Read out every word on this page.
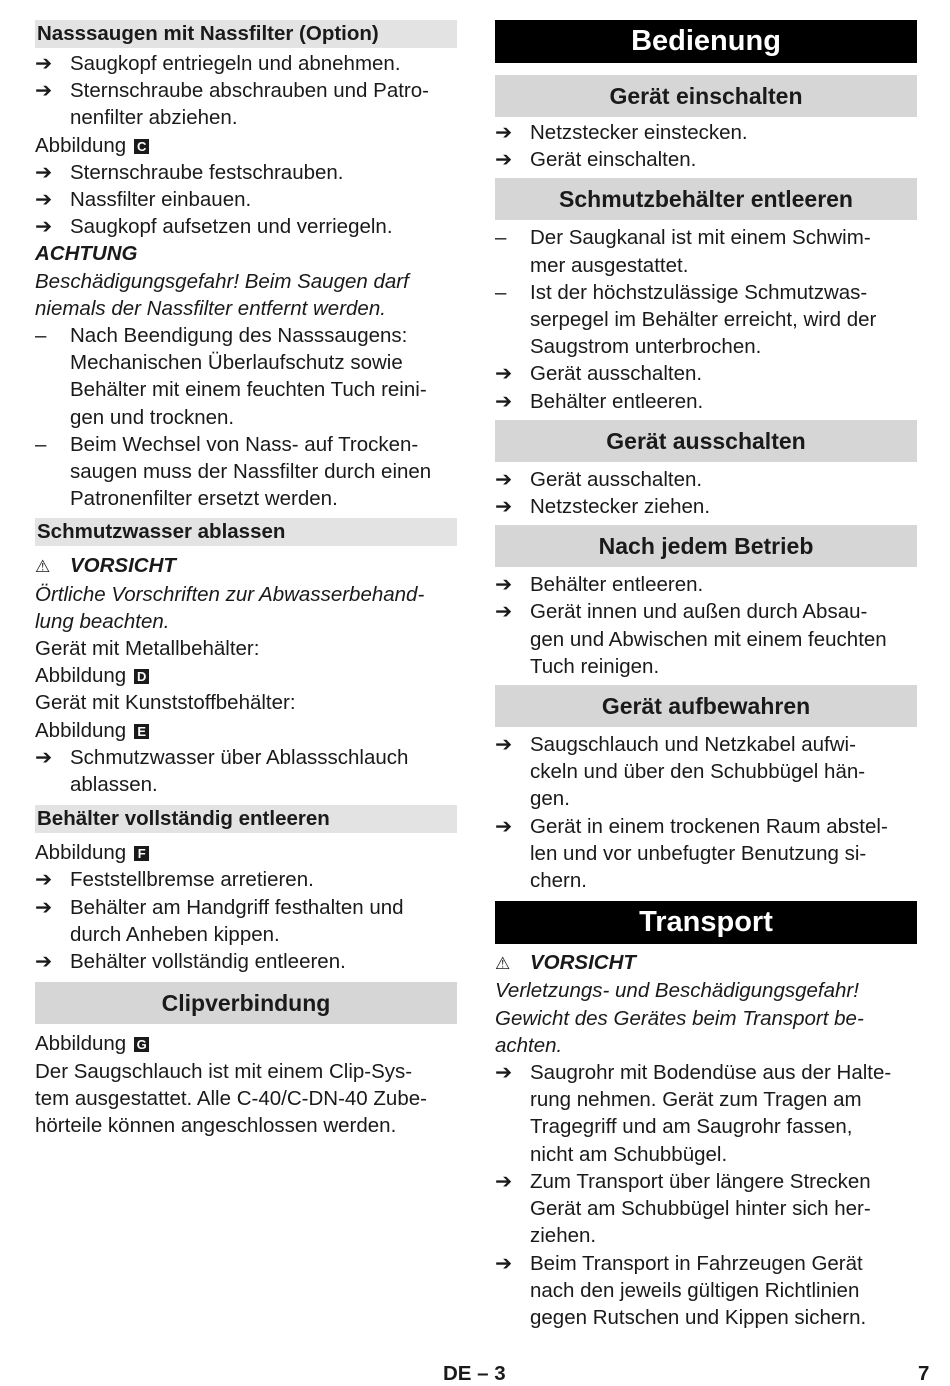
Nasssaugen mit Nassfilter (Option)
➔ Saugkopf entriegeln und abnehmen.
➔ Sternschraube abschrauben und Patro-
nenfilter abziehen.
Abbildung C
➔ Sternschraube festschrauben.
➔ Nassfilter einbauen.
➔ Saugkopf aufsetzen und verriegeln.
ACHTUNG
Beschädigungsgefahr! Beim Saugen darf
niemals der Nassfilter entfernt werden.
– Nach Beendigung des Nasssaugens:
Mechanischen Überlaufschutz sowie
Behälter mit einem feuchten Tuch reini-
gen und trocknen.
– Beim Wechsel von Nass- auf Trocken-
saugen muss der Nassfilter durch einen
Patronenfilter ersetzt werden.
Schmutzwasser ablassen
⚠ VORSICHT
Örtliche Vorschriften zur Abwasserbehand-
lung beachten.
Gerät mit Metallbehälter:
Abbildung D
Gerät mit Kunststoffbehälter:
Abbildung E
➔ Schmutzwasser über Ablassschlauch
ablassen.
Behälter vollständig entleeren
Abbildung F
➔ Feststellbremse arretieren.
➔ Behälter am Handgriff festhalten und
durch Anheben kippen.
➔ Behälter vollständig entleeren.
Clipverbindung
Abbildung G
Der Saugschlauch ist mit einem Clip-Sys-
tem ausgestattet. Alle C-40/C-DN-40 Zube-
hörteile können angeschlossen werden.
Bedienung
Gerät einschalten
➔ Netzstecker einstecken.
➔ Gerät einschalten.
Schmutzbehälter entleeren
– Der Saugkanal ist mit einem Schwim-
mer ausgestattet.
– Ist der höchstzulässige Schmutzwas-
serpegel im Behälter erreicht, wird der
Saugstrom unterbrochen.
➔ Gerät ausschalten.
➔ Behälter entleeren.
Gerät ausschalten
➔ Gerät ausschalten.
➔ Netzstecker ziehen.
Nach jedem Betrieb
➔ Behälter entleeren.
➔ Gerät innen und außen durch Absau-
gen und Abwischen mit einem feuchten
Tuch reinigen.
Gerät aufbewahren
➔ Saugschlauch und Netzkabel aufwi-
ckeln und über den Schubbügel hän-
gen.
➔ Gerät in einem trockenen Raum abstel-
len und vor unbefugter Benutzung si-
chern.
Transport
⚠ VORSICHT
Verletzungs- und Beschädigungsgefahr!
Gewicht des Gerätes beim Transport be-
achten.
➔ Saugrohr mit Bodendüse aus der Halte-
rung nehmen. Gerät zum Tragen am
Tragegriff und am Saugrohr fassen,
nicht am Schubbügel.
➔ Zum Transport über längere Strecken
Gerät am Schubbügel hinter sich her-
ziehen.
➔ Beim Transport in Fahrzeugen Gerät
nach den jeweils gültigen Richtlinien
gegen Rutschen und Kippen sichern.
DE – 3	7
